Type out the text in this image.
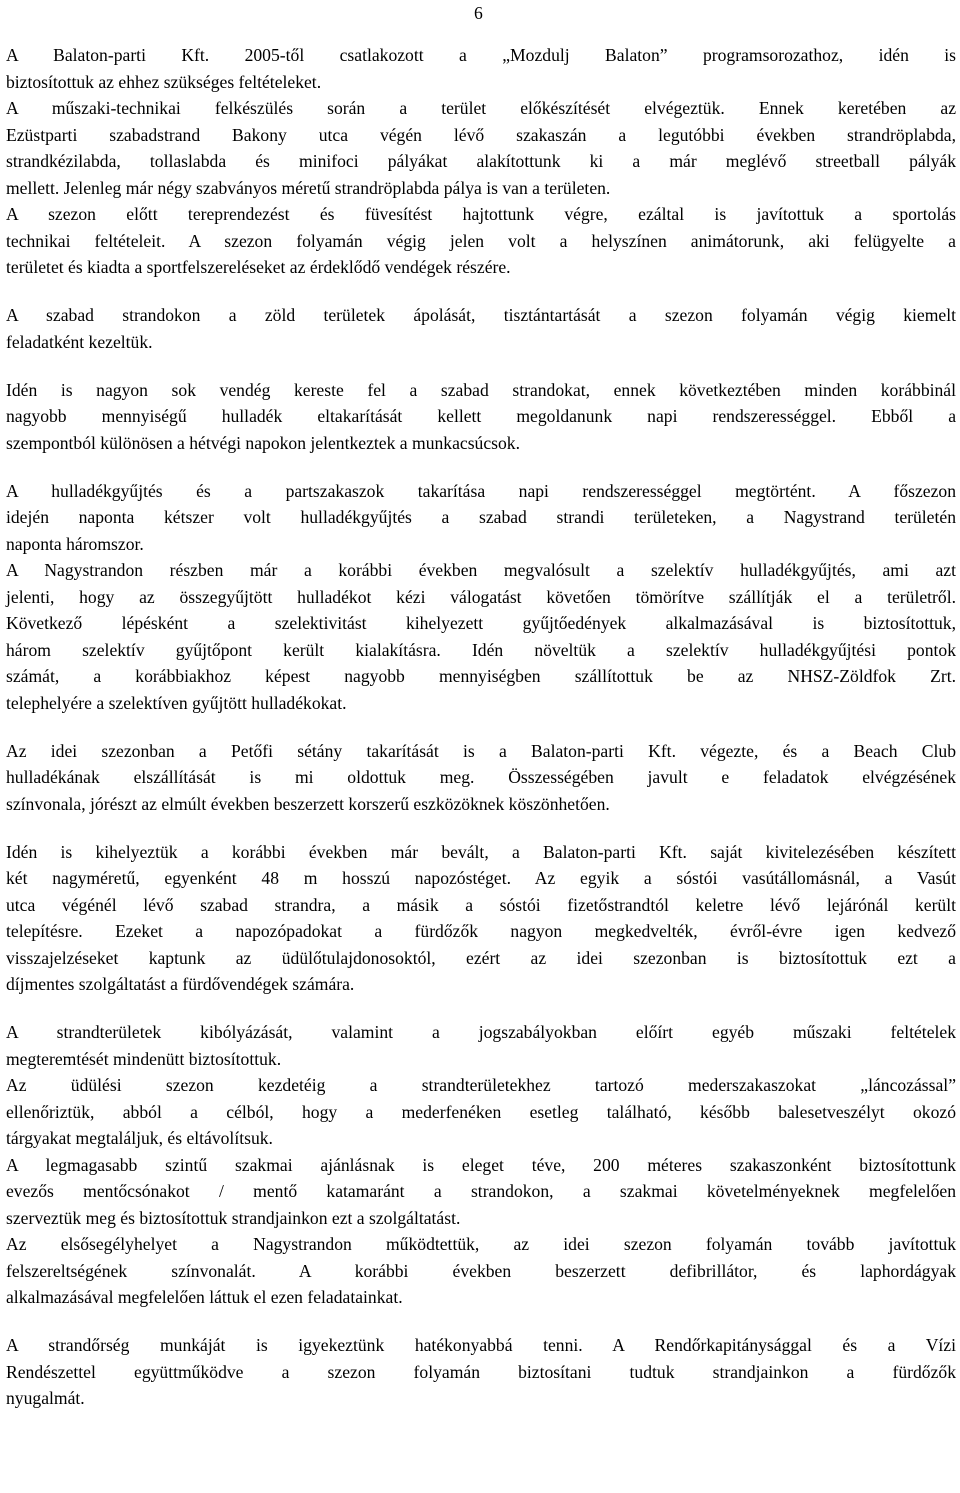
6

A Balaton-parti Kft. 2005-től csatlakozott a „Mozdulj Balaton” programsorozathoz, idén is
biztosítottuk az ehhez szükséges feltételeket.

A műszaki-technikai felkészülés során a terület előkészítését elvégeztük. Ennek keretében az
Ezüstparti szabadstrand Bakony utca végén lévő szakaszán a legutóbbi években strandröplabda,
strandkézilabda, tollaslabda és minifoci pályákat alakítottunk ki a már meglévő streetball pályák
mellett. Jelenleg már négy szabványos méretű strandröplabda pálya is van a területen.

A szezon előtt tereprendezést és füvesítést hajtottunk végre, ezáltal is javítottuk a sportolás
technikai feltételeit. A szezon folyamán végig jelen volt a helyszínen animátorunk, aki felügyelte a
területet és kiadta a sportfelszereléseket az érdeklődő vendégek részére.

A szabad strandokon a zöld területek ápolását, tisztántartását a szezon folyamán végig kiemelt
feladatként kezeltük.

Idén is nagyon sok vendég kereste fel a szabad strandokat, ennek következtében minden korábbinál
nagyobb mennyiségű hulladék eltakarítását kellett megoldanunk napi rendszerességgel. Ebből a
szempontból különösen a hétvégi napokon jelentkeztek a munkacsúcsok.

A hulladékgyűjtés és a partszakaszok takarítása napi rendszerességgel megtörtént. A főszezon
idején naponta kétszer volt hulladékgyűjtés a szabad strandi területeken, a Nagystrand területén
naponta háromszor.

A Nagystrandon részben már a korábbi években megvalósult a szelektív hulladékgyűjtés, ami azt
jelenti, hogy az összegyűjtött hulladékot kézi válogatást követően tömörítve szállítják el a területről.
Következő lépésként a szelektivitást kihelyezett gyűjtőedények alkalmazásával is biztosítottuk,
három szelektív gyűjtőpont került kialakításra. Idén növeltük a szelektív hulladékgyűjtési pontok
számát, a korábbiakhoz képest nagyobb mennyiségben szállítottuk be az NHSZ-Zöldfok Zrt.
telephelyére a szelektíven gyűjtött hulladékokat.

Az idei szezonban a Petőfi sétány takarítását is a Balaton-parti Kft. végezte, és a Beach Club
hulladékának elszállítását is mi oldottuk meg. Összességében javult e feladatok elvégzésének
színvonala, jórészt az elmúlt években beszerzett korszerű eszközöknek köszönhetően.

Idén is kihelyeztük a korábbi években már bevált, a Balaton-parti Kft. saját kivitelezésében készített
két nagyméretű, egyenként 48 m hosszú napozóstéget. Az egyik a sóstói vasútállomásnál, a Vasút
utca végénél lévő szabad strandra, a másik a sóstói fizetőstrandtól keletre lévő lejárónál került
telepítésre. Ezeket a napozópadokat a fürdőzők nagyon megkedvelték, évről-évre igen kedvező
visszajelzéseket kaptunk az üdülőtulajdonosoktól, ezért az idei szezonban is biztosítottuk ezt a
díjmentes szolgáltatást a fürdővendégek számára.

A strandterületek kibólyázását, valamint a jogszabályokban előírt egyéb műszaki feltételek
megteremtését mindenütt biztosítottuk.

Az üdülési szezon kezdetéig a strandterületekhez tartozó mederszakaszokat „láncozással”
ellenőriztük, abból a célból, hogy a mederfenéken esetleg található, később balesetveszélyt okozó
tárgyakat megtaláljuk, és eltávolítsuk.

A legmagasabb szintű szakmai ajánlásnak is eleget téve, 200 méteres szakaszonként biztosítottunk
evezős mentőcsónakot / mentő katamaránt a strandokon, a szakmai követelményeknek megfelelően
szerveztük meg és biztosítottuk strandjainkon ezt a szolgáltatást.

Az elsősegélyhelyet a Nagystrandon működtettük, az idei szezon folyamán tovább javítottuk
felszereltségének színvonalát. A korábbi években beszerzett defibrillátor, és laphordágyak
alkalmazásával megfelelően láttuk el ezen feladatainkat.

A strandőrség munkáját is igyekeztünk hatékonyabbá tenni. A Rendőrkapitánysággal és a Vízi
Rendészettel együttműködve a szezon folyamán biztosítani tudtuk strandjainkon a fürdőzők
nyugalmát.
